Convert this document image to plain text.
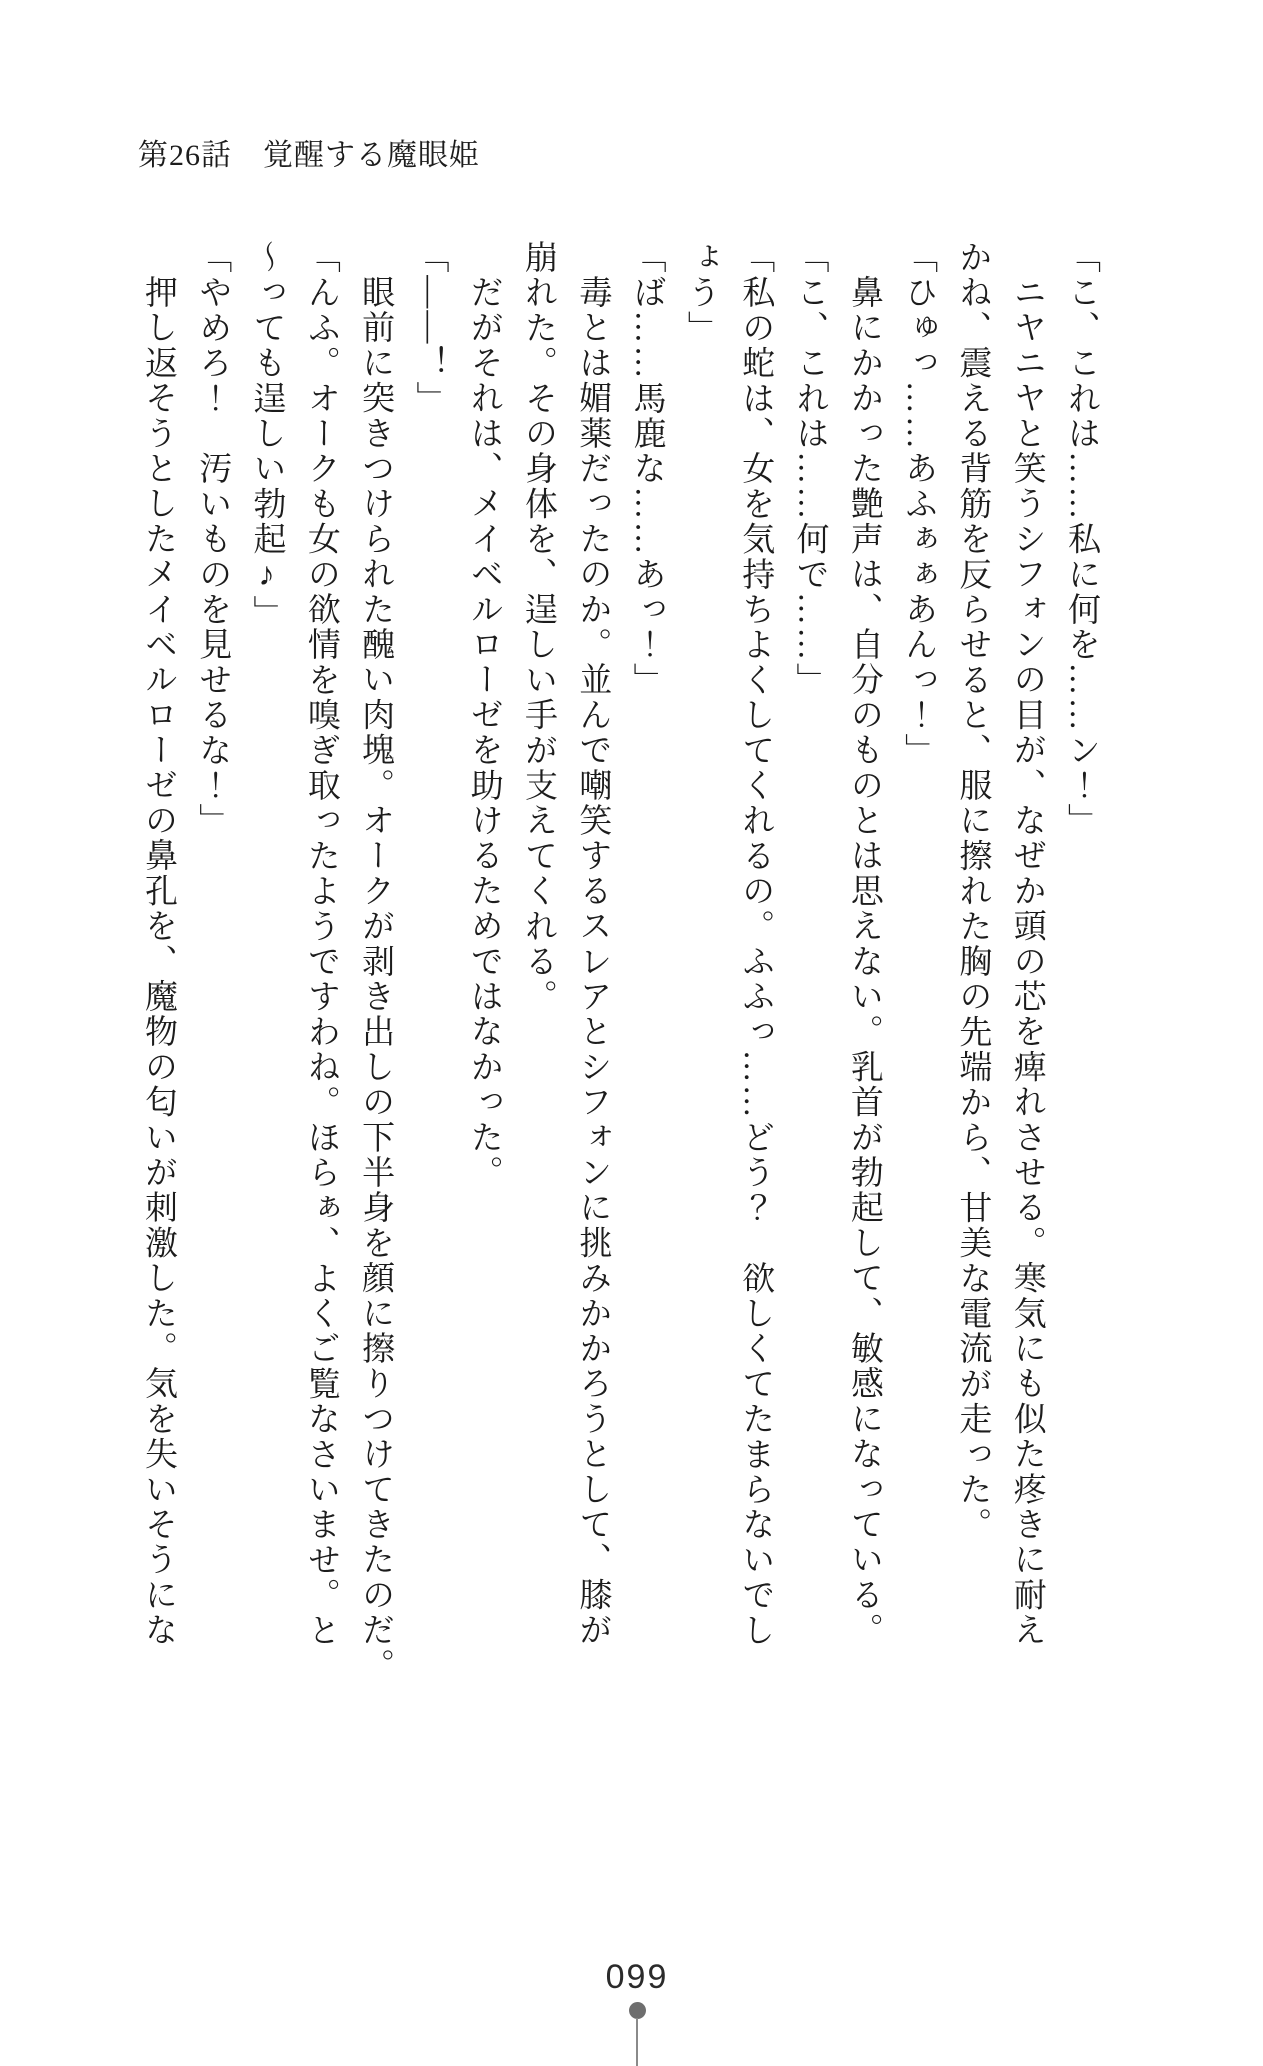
第26話　覚醒する魔眼姫

「こ、これは……私に何を……ン！」

ニヤニヤと笑うシフォンの目が、なぜか頭の芯を痺れさせる。寒気にも似た疼きに耐え

かね、震える背筋を反らせると、服に擦れた胸の先端から、甘美な電流が走った。

「ひゅっ……あふぁぁあんっ！」

鼻にかかった艶声は、自分のものとは思えない。乳首が勃起して、敏感になっている。

「こ、これは……何で……」

「私の蛇は、女を気持ちよくしてくれるの。ふふっ……どう？　欲しくてたまらないでし

ょう」

「ば……馬鹿な……あっ！」

毒とは媚薬だったのか。並んで嘲笑するスレアとシフォンに挑みかかろうとして、膝が

崩れた。その身体を、逞しい手が支えてくれる。

だがそれは、メイベルローゼを助けるためではなかった。

「――！」

眼前に突きつけられた醜い肉塊。オークが剥き出しの下半身を顔に擦りつけてきたのだ。

「んふ。オークも女の欲情を嗅ぎ取ったようですわね。ほらぁ、よくご覧なさいませ。と

～っても逞しい勃起♪」

「やめろ！　汚いものを見せるな！」

押し返そうとしたメイベルローゼの鼻孔を、魔物の匂いが刺激した。気を失いそうにな

099
